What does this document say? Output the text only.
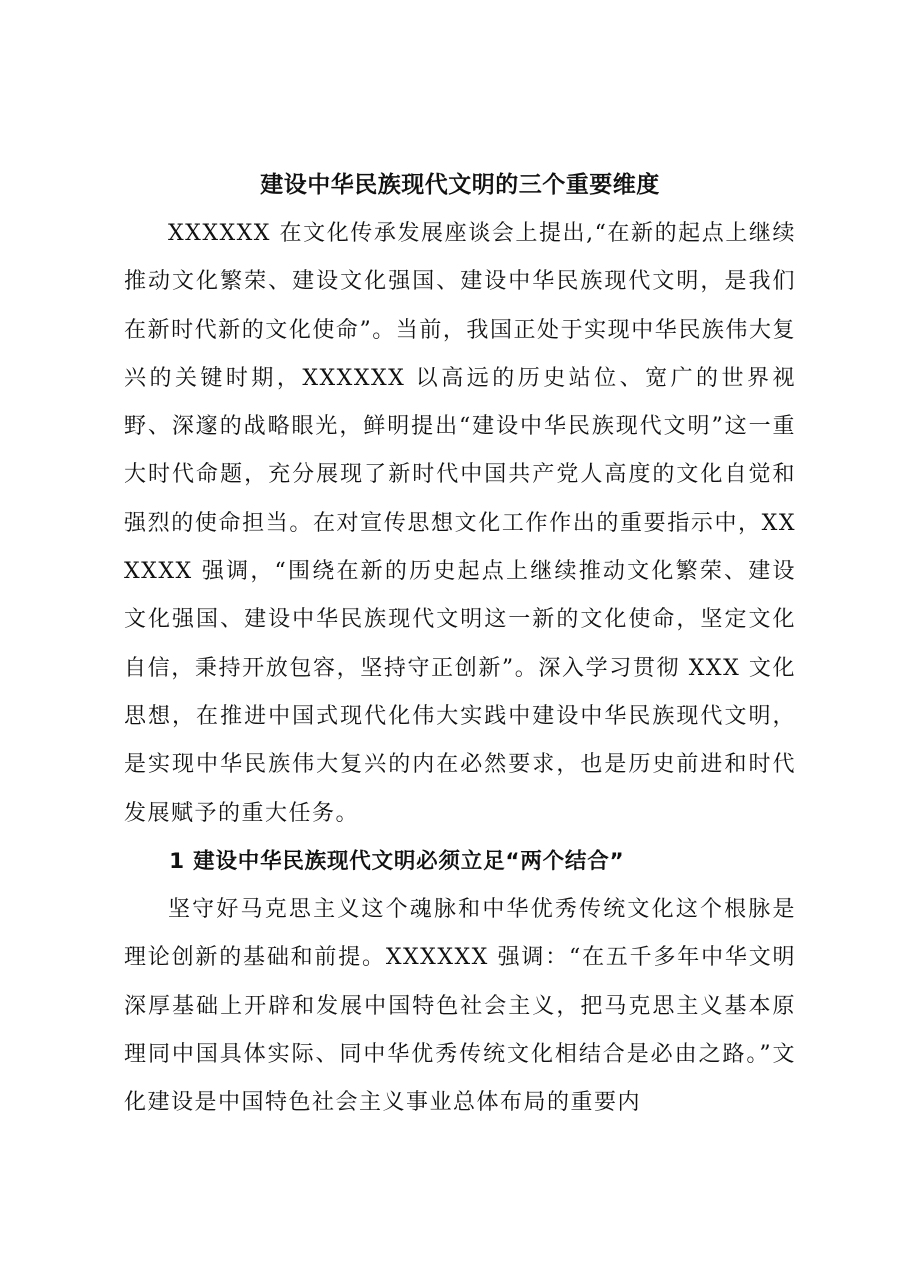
建设中华民族现代文明的三个重要维度

XXXXXX 在文化传承发展座谈会上提出,“在新的起点上继续推动文化繁荣、建设文化强国、建设中华民族现代文明，是我们在新时代新的文化使命”。当前，我国正处于实现中华民族伟大复兴的关键时期，XXXXXX 以高远的历史站位、宽广的世界视野、深邃的战略眼光，鲜明提出“建设中华民族现代文明”这一重大时代命题，充分展现了新时代中国共产党人高度的文化自觉和强烈的使命担当。在对宣传思想文化工作作出的重要指示中，XXXXXX 强调，“围绕在新的历史起点上继续推动文化繁荣、建设文化强国、建设中华民族现代文明这一新的文化使命，坚定文化自信，秉持开放包容，坚持守正创新”。深入学习贯彻 XXX 文化思想，在推进中国式现代化伟大实践中建设中华民族现代文明，是实现中华民族伟大复兴的内在必然要求，也是历史前进和时代发展赋予的重大任务。

1 建设中华民族现代文明必须立足“两个结合”

坚守好马克思主义这个魂脉和中华优秀传统文化这个根脉是理论创新的基础和前提。XXXXXX 强调：“在五千多年中华文明深厚基础上开辟和发展中国特色社会主义，把马克思主义基本原理同中国具体实际、同中华优秀传统文化相结合是必由之路。”文化建设是中国特色社会主义事业总体布局的重要内
